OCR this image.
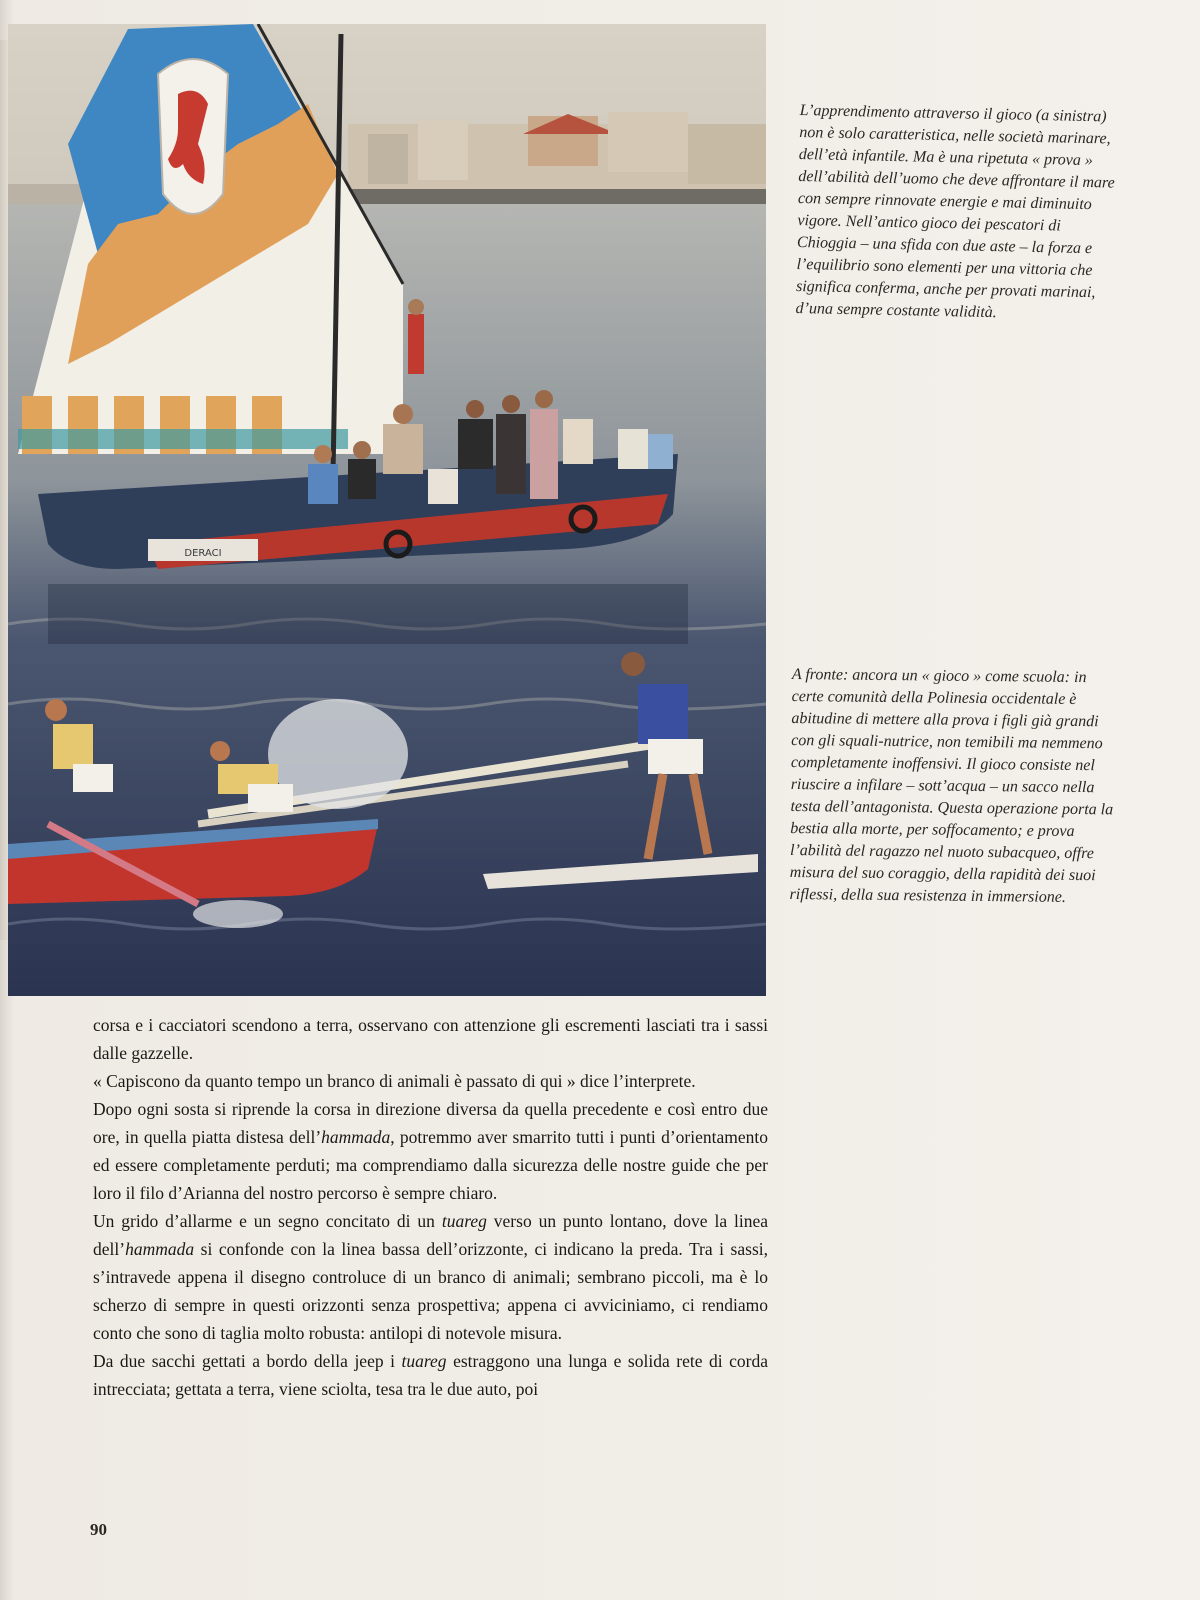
DERACI

L’apprendimento attraverso il gioco (a sinistra) non è solo caratteristica, nelle società marinare, dell’età infantile. Ma è una ripetuta « prova » dell’abilità dell’uomo che deve affrontare il mare con sempre rinnovate energie e mai diminuito vigore. Nell’antico gioco dei pescatori di Chioggia – una sfida con due aste – la forza e l’equilibrio sono elementi per una vittoria che significa conferma, anche per provati marinai, d’una sempre costante validità.

A fronte: ancora un « gioco » come scuola: in certe comunità della Polinesia occidentale è abitudine di mettere alla prova i figli già grandi con gli squali-nutrice, non temibili ma nemmeno completamente inoffensivi. Il gioco consiste nel riuscire a infilare – sott’acqua – un sacco nella testa dell’antagonista. Questa operazione porta la bestia alla morte, per soffocamento; e prova l’abilità del ragazzo nel nuoto subacqueo, offre misura del suo coraggio, della rapidità dei suoi riflessi, della sua resistenza in immersione.

corsa e i cacciatori scendono a terra, osservano con attenzione gli escrementi lasciati tra i sassi dalle gazzelle.

« Capiscono da quanto tempo un branco di animali è passato di qui » dice l’interprete.

Dopo ogni sosta si riprende la corsa in direzione diversa da quella precedente e così entro due ore, in quella piatta distesa dell’hammada, potremmo aver smarrito tutti i punti d’orientamento ed essere completamente perduti; ma comprendiamo dalla sicurezza delle nostre guide che per loro il filo d’Arianna del nostro percorso è sempre chiaro.

Un grido d’allarme e un segno concitato di un tuareg verso un punto lontano, dove la linea dell’hammada si confonde con la linea bassa dell’orizzonte, ci indicano la preda. Tra i sassi, s’intravede appena il disegno controluce di un branco di animali; sembrano piccoli, ma è lo scherzo di sempre in questi orizzonti senza prospettiva; appena ci avviciniamo, ci rendiamo conto che sono di taglia molto robusta: antilopi di notevole misura.

Da due sacchi gettati a bordo della jeep i tuareg estraggono una lunga e solida rete di corda intrecciata; gettata a terra, viene sciolta, tesa tra le due auto, poi

90
